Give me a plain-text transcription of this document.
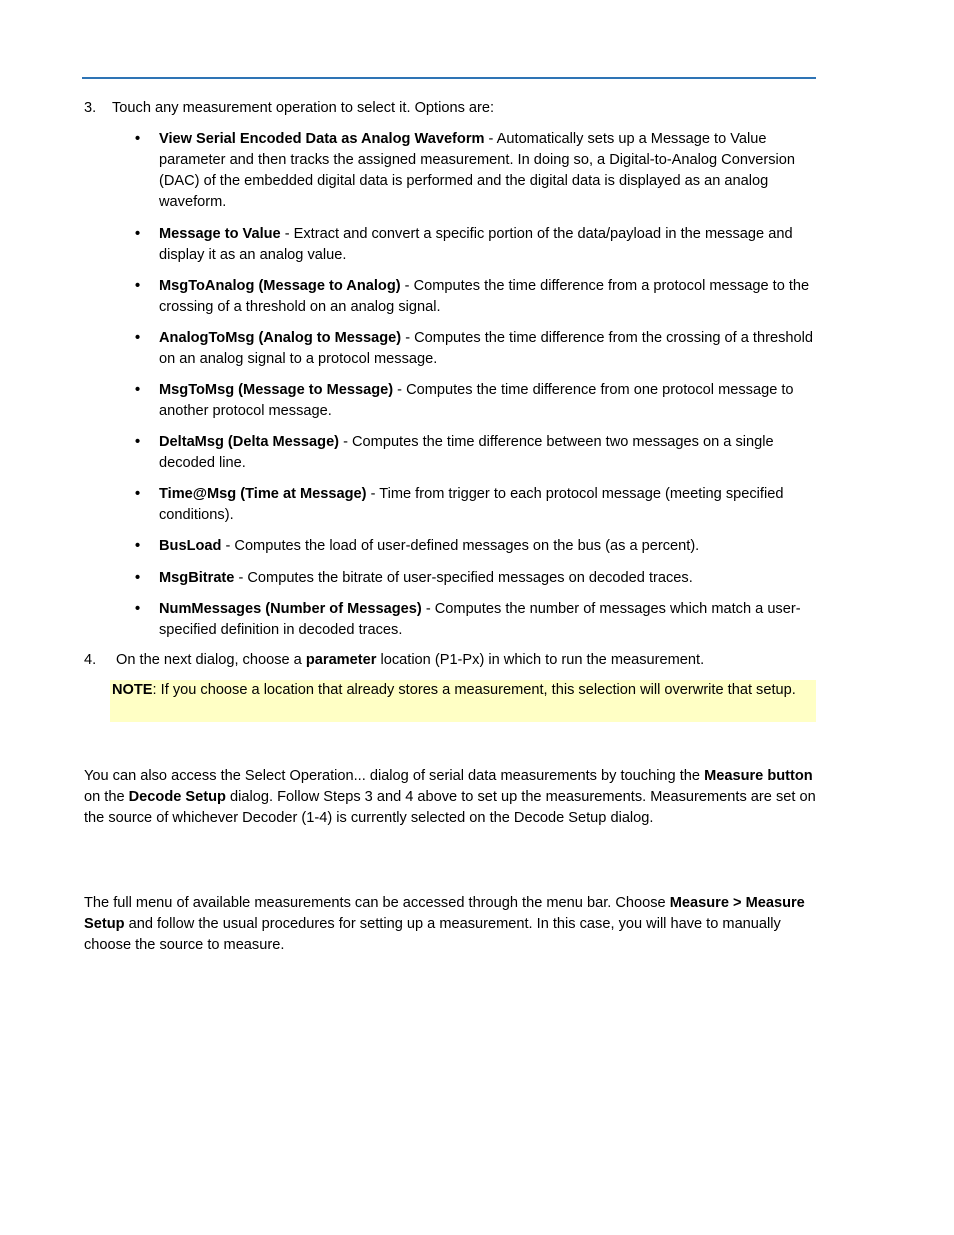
3. Touch any measurement operation to select it. Options are:
•	View Serial Encoded Data as Analog Waveform - Automatically sets up a Message to Value parameter and then tracks the assigned measurement. In doing so, a Digital-to-Analog Conversion (DAC) of the embedded digital data is performed and the digital data is displayed as an analog waveform.
•	Message to Value - Extract and convert a specific portion of the data/payload in the message and display it as an analog value.
•	MsgToAnalog (Message to Analog) - Computes the time difference from a protocol message to the crossing of a threshold on an analog signal.
•	AnalogToMsg (Analog to Message) - Computes the time difference from the crossing of a threshold on an analog signal to a protocol message.
•	MsgToMsg (Message to Message) - Computes the time difference from one protocol message to another protocol message.
•	DeltaMsg (Delta Message) - Computes the time difference between two messages on a single decoded line.
•	Time@Msg (Time at Message) - Time from trigger to each protocol message (meeting specified conditions).
•	BusLoad - Computes the load of user-defined messages on the bus (as a percent).
•	MsgBitrate - Computes the bitrate of user-specified messages on decoded traces.
•	NumMessages (Number of Messages) - Computes the number of messages which match a user-specified definition in decoded traces.
4. On the next dialog, choose a parameter location (P1-Px) in which to run the measurement.
NOTE: If you choose a location that already stores a measurement, this selection will overwrite that setup.
You can also access the Select Operation... dialog of serial data measurements by touching the Measure button on the Decode Setup dialog. Follow Steps 3 and 4 above to set up the measurements. Measurements are set on the source of whichever Decoder (1-4) is currently selected on the Decode Setup dialog.
The full menu of available measurements can be accessed through the menu bar. Choose Measure > Measure Setup and follow the usual procedures for setting up a measurement. In this case, you will have to manually choose the source to measure.
